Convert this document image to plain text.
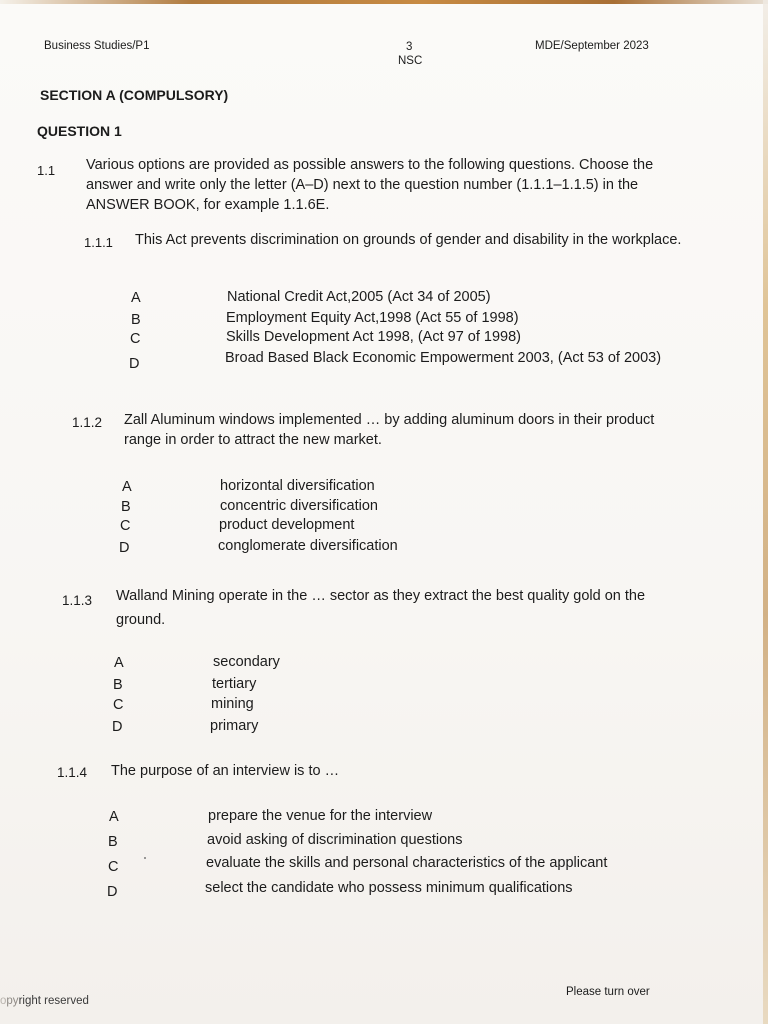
Business Studies/P1	3
NSC
MDE/September 2023
SECTION A (COMPULSORY)
QUESTION 1
1.1 Various options are provided as possible answers to the following questions. Choose the answer and write only the letter (A–D) next to the question number (1.1.1–1.1.5) in the ANSWER BOOK, for example 1.1.6E.
1.1.1 This Act prevents discrimination on grounds of gender and disability in the workplace.
A	National Credit Act,2005 (Act 34 of 2005)
B	Employment Equity Act,1998 (Act 55 of 1998)
C	Skills Development Act 1998, (Act 97 of 1998)
D	Broad Based Black Economic Empowerment 2003, (Act 53 of 2003)
1.1.2 Zall Aluminum windows implemented … by adding aluminum doors in their product range in order to attract the new market.
A	horizontal diversification
B	concentric diversification
C	product development
D	conglomerate diversification
1.1.3 Walland Mining operate in the … sector as they extract the best quality gold on the ground.
A	secondary
B	tertiary
C	mining
D	primary
1.1.4 The purpose of an interview is to …
A	prepare the venue for the interview
B	avoid asking of discrimination questions
C	evaluate the skills and personal characteristics of the applicant
D	select the candidate who possess minimum qualifications
opyright reserved
Please turn over
